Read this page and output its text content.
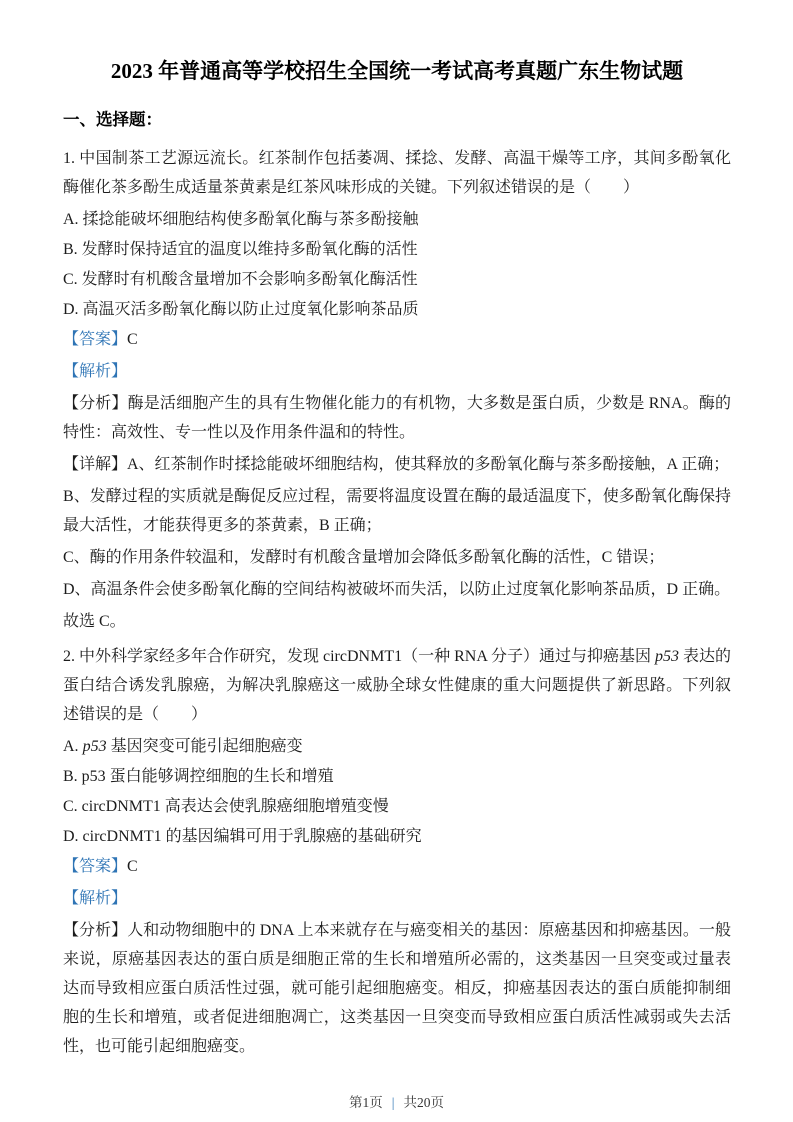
2023 年普通高等学校招生全国统一考试高考真题广东生物试题
一、选择题：

1. 中国制茶工艺源远流长。红茶制作包括萎凋、揉捻、发酵、高温干燥等工序，其间多酚氧化酶催化茶多酚生成适量茶黄素是红茶风味形成的关键。下列叙述错误的是（　　）

A. 揉捻能破坏细胞结构使多酚氧化酶与茶多酚接触

B. 发酵时保持适宜的温度以维持多酚氧化酶的活性

C. 发酵时有机酸含量增加不会影响多酚氧化酶活性

D. 高温灭活多酚氧化酶以防止过度氧化影响茶品质

【答案】C

【解析】

【分析】酶是活细胞产生的具有生物催化能力的有机物，大多数是蛋白质，少数是 RNA。酶的特性：高效性、专一性以及作用条件温和的特性。

【详解】A、红茶制作时揉捻能破坏细胞结构，使其释放的多酚氧化酶与茶多酚接触，A 正确；

B、发酵过程的实质就是酶促反应过程，需要将温度设置在酶的最适温度下，使多酚氧化酶保持最大活性，才能获得更多的茶黄素，B 正确；

C、酶的作用条件较温和，发酵时有机酸含量增加会降低多酚氧化酶的活性，C 错误；

D、高温条件会使多酚氧化酶的空间结构被破坏而失活，以防止过度氧化影响茶品质，D 正确。

故选 C。

2. 中外科学家经多年合作研究，发现 circDNMT1（一种 RNA 分子）通过与抑癌基因 p53 表达的蛋白结合诱发乳腺癌，为解决乳腺癌这一威胁全球女性健康的重大问题提供了新思路。下列叙述错误的是（　　）

A. p53 基因突变可能引起细胞癌变

B. p53 蛋白能够调控细胞的生长和增殖

C. circDNMT1 高表达会使乳腺癌细胞增殖变慢

D. circDNMT1 的基因编辑可用于乳腺癌的基础研究

【答案】C

【解析】

【分析】人和动物细胞中的 DNA 上本来就存在与癌变相关的基因：原癌基因和抑癌基因。一般来说，原癌基因表达的蛋白质是细胞正常的生长和增殖所必需的，这类基因一旦突变或过量表达而导致相应蛋白质活性过强，就可能引起细胞癌变。相反，抑癌基因表达的蛋白质能抑制细胞的生长和增殖，或者促进细胞凋亡，这类基因一旦突变而导致相应蛋白质活性减弱或失去活性，也可能引起细胞癌变。

第1页 | 共20页
